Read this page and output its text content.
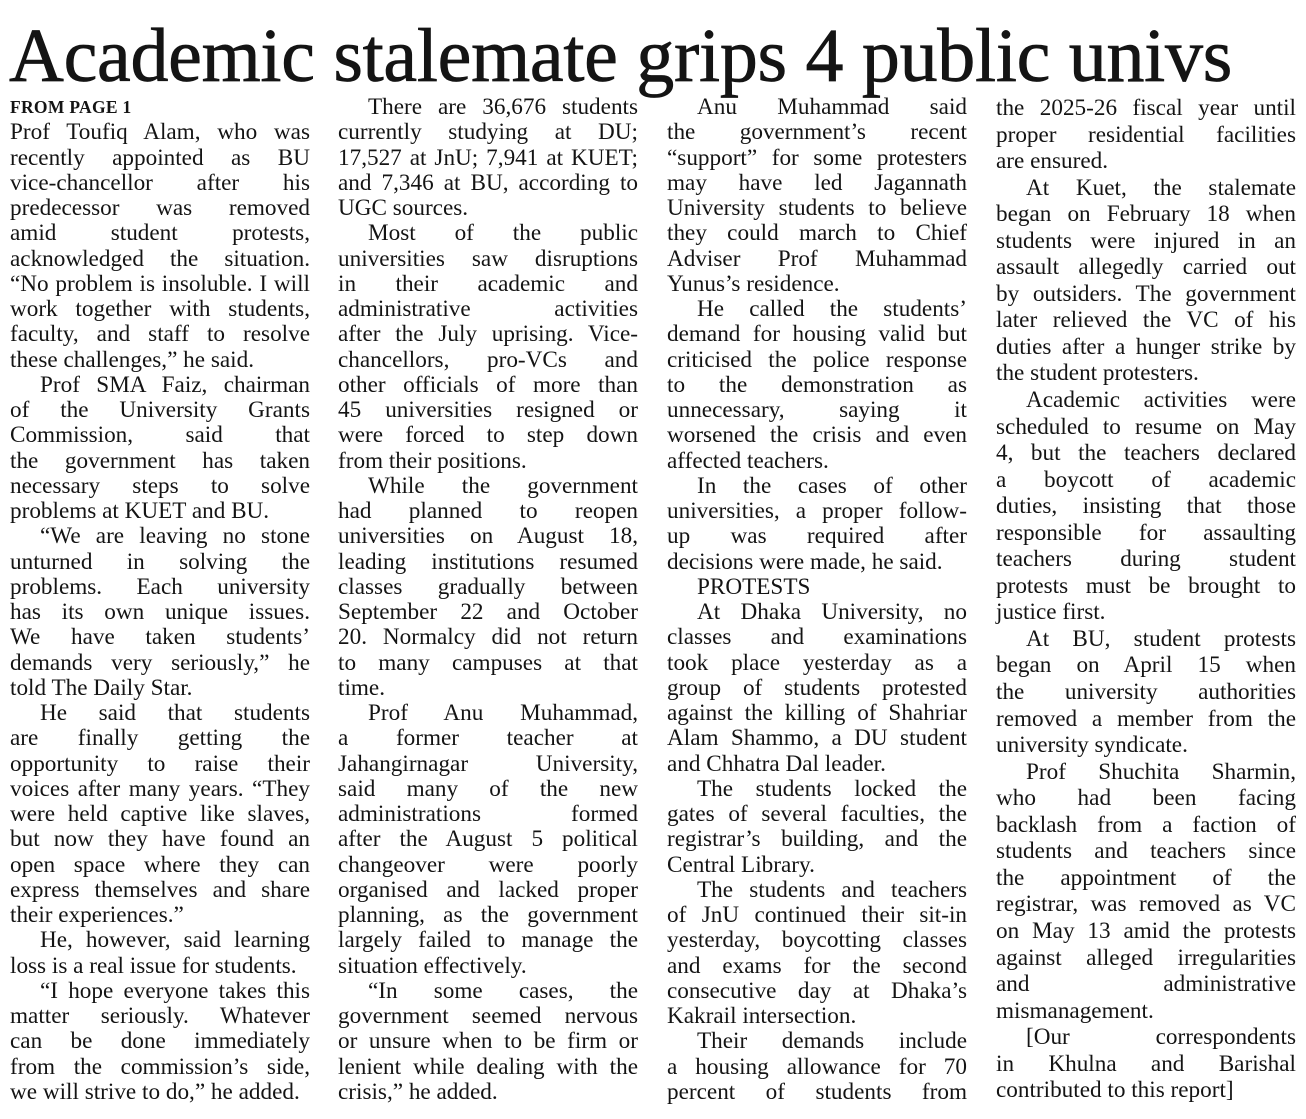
Academic stalemate grips 4 public univs
FROM PAGE 1
Prof Toufiq Alam, who was
recently appointed as BU
vice-chancellor after his
predecessor was removed
amid student protests,
acknowledged the situation.
“No problem is insoluble. I will
work together with students,
faculty, and staff to resolve
these challenges,” he said.
Prof SMA Faiz, chairman
of the University Grants
Commission, said that
the government has taken
necessary steps to solve
problems at KUET and BU.
“We are leaving no stone
unturned in solving the
problems. Each university
has its own unique issues.
We have taken students’
demands very seriously,” he
told The Daily Star.
He said that students
are finally getting the
opportunity to raise their
voices after many years. “They
were held captive like slaves,
but now they have found an
open space where they can
express themselves and share
their experiences.”
He, however, said learning
loss is a real issue for students.
“I hope everyone takes this
matter seriously. Whatever
can be done immediately
from the commission’s side,
we will strive to do,” he added.
There are 36,676 students
currently studying at DU;
17,527 at JnU; 7,941 at KUET;
and 7,346 at BU, according to
UGC sources.
Most of the public
universities saw disruptions
in their academic and
administrative activities
after the July uprising. Vice-
chancellors, pro-VCs and
other officials of more than
45 universities resigned or
were forced to step down
from their positions.
While the government
had planned to reopen
universities on August 18,
leading institutions resumed
classes gradually between
September 22 and October
20. Normalcy did not return
to many campuses at that
time.
Prof Anu Muhammad,
a former teacher at
Jahangirnagar University,
said many of the new
administrations formed
after the August 5 political
changeover were poorly
organised and lacked proper
planning, as the government
largely failed to manage the
situation effectively.
“In some cases, the
government seemed nervous
or unsure when to be firm or
lenient while dealing with the
crisis,” he added.
Anu Muhammad said
the government’s recent
“support” for some protesters
may have led Jagannath
University students to believe
they could march to Chief
Adviser Prof Muhammad
Yunus’s residence.
He called the students’
demand for housing valid but
criticised the police response
to the demonstration as
unnecessary, saying it
worsened the crisis and even
affected teachers.
In the cases of other
universities, a proper follow-
up was required after
decisions were made, he said.
PROTESTS
At Dhaka University, no
classes and examinations
took place yesterday as a
group of students protested
against the killing of Shahriar
Alam Shammo, a DU student
and Chhatra Dal leader.
The students locked the
gates of several faculties, the
registrar’s building, and the
Central Library.
The students and teachers
of JnU continued their sit-in
yesterday, boycotting classes
and exams for the second
consecutive day at Dhaka’s
Kakrail intersection.
Their demands include
a housing allowance for 70
percent of students from
the 2025-26 fiscal year until
proper residential facilities
are ensured.
At Kuet, the stalemate
began on February 18 when
students were injured in an
assault allegedly carried out
by outsiders. The government
later relieved the VC of his
duties after a hunger strike by
the student protesters.
Academic activities were
scheduled to resume on May
4, but the teachers declared
a boycott of academic
duties, insisting that those
responsible for assaulting
teachers during student
protests must be brought to
justice first.
At BU, student protests
began on April 15 when
the university authorities
removed a member from the
university syndicate.
Prof Shuchita Sharmin,
who had been facing
backlash from a faction of
students and teachers since
the appointment of the
registrar, was removed as VC
on May 13 amid the protests
against alleged irregularities
and administrative
mismanagement.
[Our correspondents
in Khulna and Barishal
contributed to this report]
